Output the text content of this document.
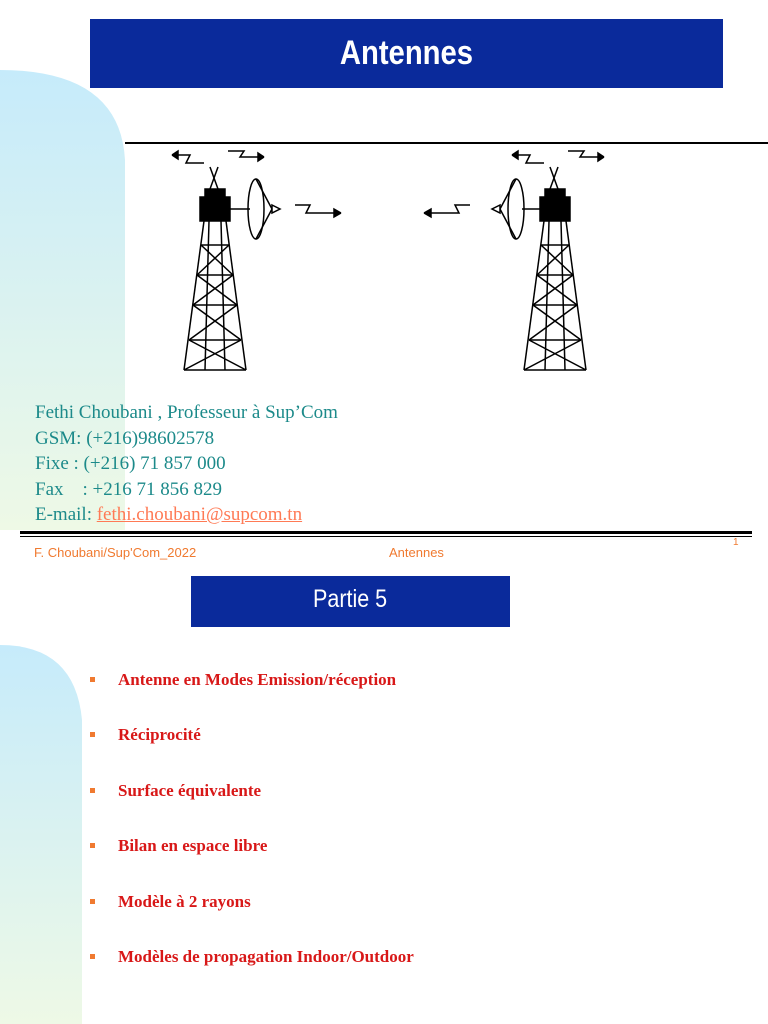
Antennes
Fethi Choubani , Professeur à Sup’Com
GSM: (+216)98602578
Fixe : (+216) 71 857 000
Fax    : +216 71 856 829
E-mail: fethi.choubani@supcom.tn
F. Choubani/Sup'Com_2022	Antennes
1
Partie 5
Antenne en Modes Emission/réception
Réciprocité
Surface équivalente
Bilan en espace libre
Modèle à 2 rayons
Modèles de propagation Indoor/Outdoor
